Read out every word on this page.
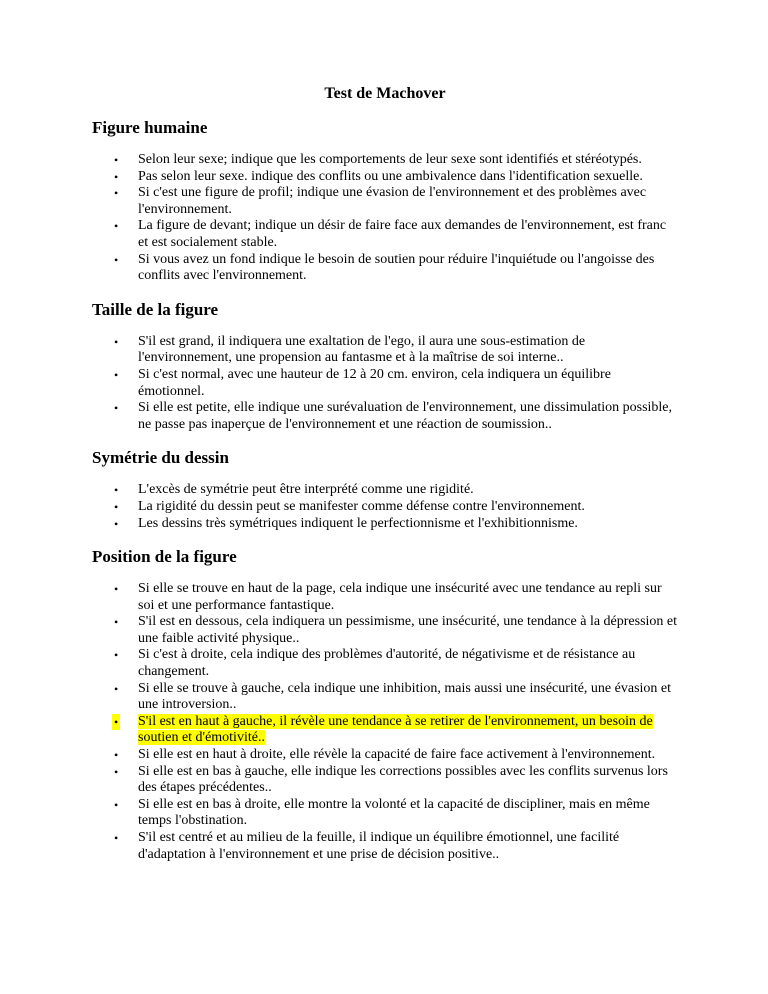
Test de Machover

Figure humaine
• Selon leur sexe; indique que les comportements de leur sexe sont identifiés et stéréotypés.
• Pas selon leur sexe. indique des conflits ou une ambivalence dans l'identification sexuelle.
• Si c'est une figure de profil; indique une évasion de l'environnement et des problèmes avec l'environnement.
• La figure de devant; indique un désir de faire face aux demandes de l'environnement, est franc et est socialement stable.
• Si vous avez un fond indique le besoin de soutien pour réduire l'inquiétude ou l'angoisse des conflits avec l'environnement.
Taille de la figure
• S'il est grand, il indiquera une exaltation de l'ego, il aura une sous-estimation de l'environnement, une propension au fantasme et à la maîtrise de soi interne..
• Si c'est normal, avec une hauteur de 12 à 20 cm. environ, cela indiquera un équilibre émotionnel.
• Si elle est petite, elle indique une surévaluation de l'environnement, une dissimulation possible, ne passe pas inaperçue de l'environnement et une réaction de soumission..
Symétrie du dessin
• L'excès de symétrie peut être interprété comme une rigidité.
• La rigidité du dessin peut se manifester comme défense contre l'environnement.
• Les dessins très symétriques indiquent le perfectionnisme et l'exhibitionnisme.
Position de la figure
• Si elle se trouve en haut de la page, cela indique une insécurité avec une tendance au repli sur soi et une performance fantastique.
• S'il est en dessous, cela indiquera un pessimisme, une insécurité, une tendance à la dépression et une faible activité physique..
• Si c'est à droite, cela indique des problèmes d'autorité, de négativisme et de résistance au changement.
• Si elle se trouve à gauche, cela indique une inhibition, mais aussi une insécurité, une évasion et une introversion..
• S'il est en haut à gauche, il révèle une tendance à se retirer de l'environnement, un besoin de soutien et d'émotivité..
• Si elle est en haut à droite, elle révèle la capacité de faire face activement à l'environnement.
• Si elle est en bas à gauche, elle indique les corrections possibles avec les conflits survenus lors des étapes précédentes..
• Si elle est en bas à droite, elle montre la volonté et la capacité de discipliner, mais en même temps l'obstination.
• S'il est centré et au milieu de la feuille, il indique un équilibre émotionnel, une facilité d'adaptation à l'environnement et une prise de décision positive..
